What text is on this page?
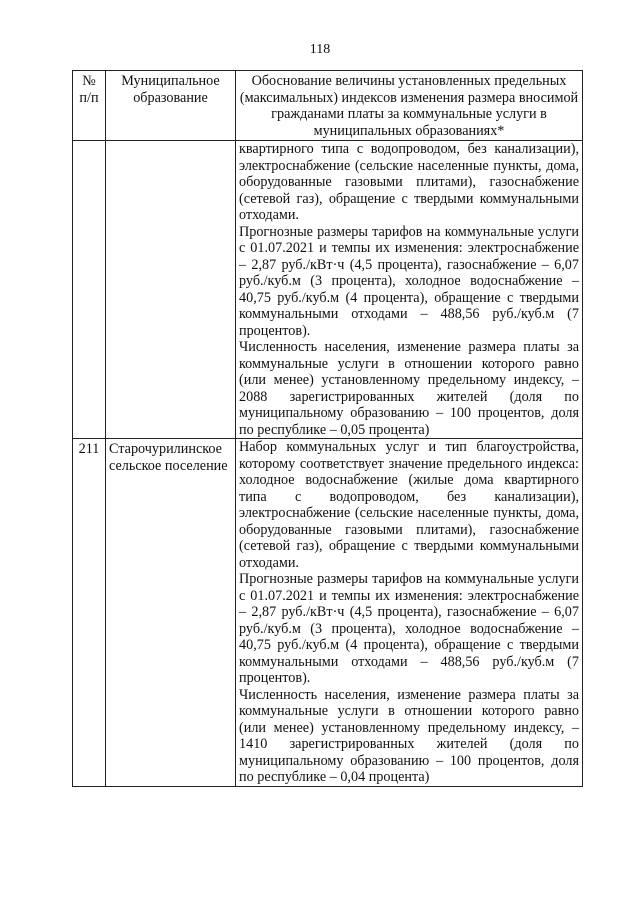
118
№ п/п	Муниципальное образование	Обоснование величины установленных предельных (максимальных) индексов изменения размера вносимой гражданами платы за коммунальные услуги в муниципальных образованиях*

		квартирного типа с водопроводом, без канализации), электроснабжение (сельские населенные пункты, дома, оборудованные газовыми плитами), газоснабжение (сетевой газ), обращение с твердыми коммунальными отходами.

Прогнозные размеры тарифов на коммунальные услуги с 01.07.2021 и темпы их изменения: электроснабжение – 2,87 руб./кВт·ч (4,5 процента), газоснабжение – 6,07 руб./куб.м (3 процента), холодное водоснабжение – 40,75 руб./куб.м (4 процента), обращение с твердыми коммунальными отходами – 488,56 руб./куб.м (7 процентов).

Численность населения, изменение размера платы за коммунальные услуги в отношении которого равно (или менее) установленному предельному индексу, – 2088 зарегистрированных жителей (доля по муниципальному образованию – 100 процентов, доля по республике – 0,05 процента)

211	Старочурилинское сельское поселение	Набор коммунальных услуг и тип благоустройства, которому соответствует значение предельного индекса: холодное водоснабжение (жилые дома квартирного типа с водопроводом, без канализации), электроснабжение (сельские населенные пункты, дома, оборудованные газовыми плитами), газоснабжение (сетевой газ), обращение с твердыми коммунальными отходами.

Прогнозные размеры тарифов на коммунальные услуги с 01.07.2021 и темпы их изменения: электроснабжение – 2,87 руб./кВт·ч (4,5 процента), газоснабжение – 6,07 руб./куб.м (3 процента), холодное водоснабжение – 40,75 руб./куб.м (4 процента), обращение с твердыми коммунальными отходами – 488,56 руб./куб.м (7 процентов).

Численность населения, изменение размера платы за коммунальные услуги в отношении которого равно (или менее) установленному предельному индексу, – 1410 зарегистрированных жителей (доля по муниципальному образованию – 100 процентов, доля по республике – 0,04 процента)
